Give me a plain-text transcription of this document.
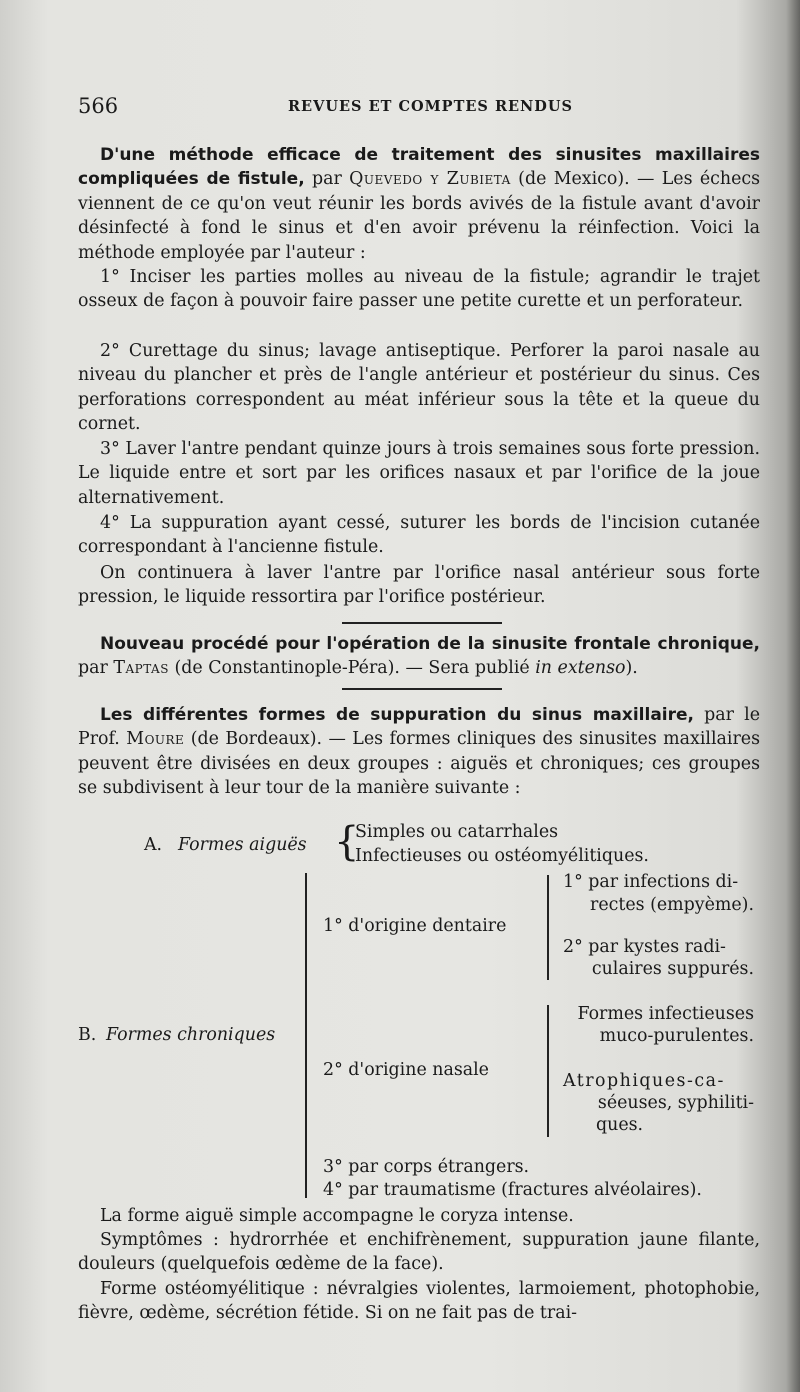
566	REVUES ET COMPTES RENDUS
D'une méthode efficace de traitement des sinusites maxillaires compliquées de fistule, par Quevedo y Zubieta (de Mexico). — Les échecs viennent de ce qu'on veut réunir les bords avivés de la fistule avant d'avoir désinfecté à fond le sinus et d'en avoir prévenu la réinfection. Voici la méthode employée par l'auteur :
1° Inciser les parties molles au niveau de la fistule; agrandir le trajet osseux de façon à pouvoir faire passer une petite curette et un perforateur.
2° Curettage du sinus; lavage antiseptique. Perforer la paroi nasale au niveau du plancher et près de l'angle antérieur et postérieur du sinus. Ces perforations correspondent au méat inférieur sous la tête et la queue du cornet.
3° Laver l'antre pendant quinze jours à trois semaines sous forte pression. Le liquide entre et sort par les orifices nasaux et par l'orifice de la joue alternativement.
4° La suppuration ayant cessé, suturer les bords de l'incision cutanée correspondant à l'ancienne fistule.
On continuera à laver l'antre par l'orifice nasal antérieur sous forte pression, le liquide ressortira par l'orifice postérieur.
Nouveau procédé pour l'opération de la sinusite frontale chronique, par Taptas (de Constantinople-Péra). — Sera publié in extenso).
Les différentes formes de suppuration du sinus maxillaire, par le Prof. Moure (de Bordeaux). — Les formes cliniques des sinusites maxillaires peuvent être divisées en deux groupes : aiguës et chroniques; ces groupes se subdivisent à leur tour de la manière suivante :
A. Formes aiguës {
Simples ou catarrhales
Infectieuses ou ostéomyélitiques.
B. Formes chroniques
1° d'origine dentaire
1° par infections di-
rectes (empyème).
2° par kystes radi-
culaires suppurés.
2° d'origine nasale
Formes infectieuses
muco-purulentes.
Atrophiques-ca-
séeuses, syphiliti-
ques.
3° par corps étrangers.
4° par traumatisme (fractures alvéolaires).
La forme aiguë simple accompagne le coryza intense.
Symptômes : hydrorrhée et enchifrènement, suppuration jaune filante, douleurs (quelquefois œdème de la face).
Forme ostéomyélitique : névralgies violentes, larmoiement, photophobie, fièvre, œdème, sécrétion fétide. Si on ne fait pas de trai-
